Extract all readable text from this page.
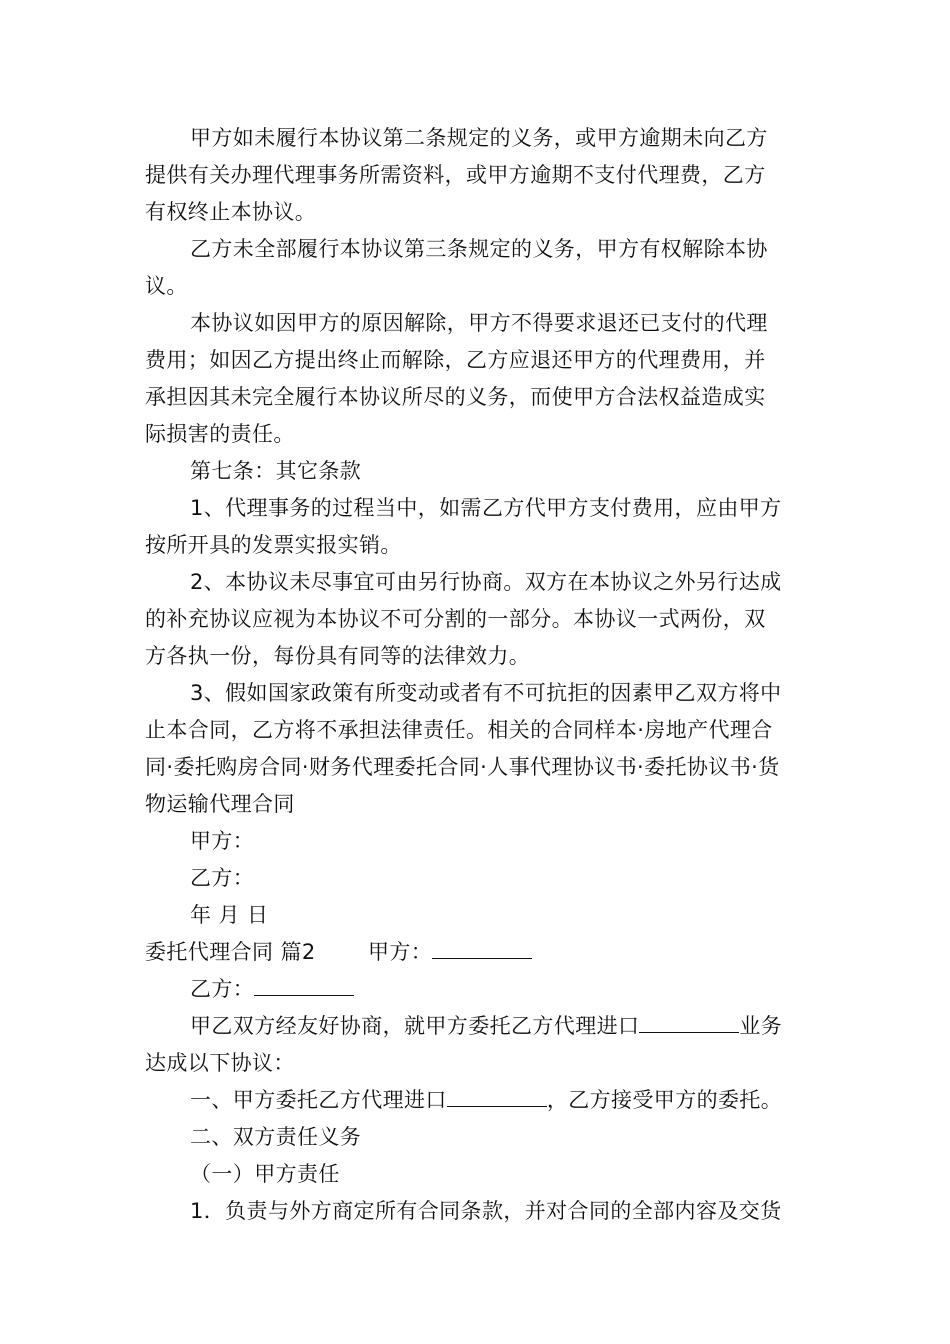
甲方如未履行本协议第二条规定的义务，或甲方逾期未向乙方
提供有关办理代理事务所需资料，或甲方逾期不支付代理费，乙方
有权终止本协议。
乙方未全部履行本协议第三条规定的义务，甲方有权解除本协
议。
本协议如因甲方的原因解除，甲方不得要求退还已支付的代理
费用；如因乙方提出终止而解除，乙方应退还甲方的代理费用，并
承担因其未完全履行本协议所尽的义务，而使甲方合法权益造成实
际损害的责任。
第七条：其它条款
1、代理事务的过程当中，如需乙方代甲方支付费用，应由甲方
按所开具的发票实报实销。
2、本协议未尽事宜可由另行协商。双方在本协议之外另行达成
的补充协议应视为本协议不可分割的一部分。本协议一式两份，双
方各执一份，每份具有同等的法律效力。
3、假如国家政策有所变动或者有不可抗拒的因素甲乙双方将中
止本合同，乙方将不承担法律责任。相关的合同样本·房地产代理合
同·委托购房合同·财务代理委托合同·人事代理协议书·委托协议书·货
物运输代理合同
甲方：
乙方：
年 月 日
委托代理合同 篇2 甲方：
乙方：
甲乙双方经友好协商，就甲方委托乙方代理进口	业务
达成以下协议：
一、甲方委托乙方代理进口	，乙方接受甲方的委托。
二、双方责任义务
（一）甲方责任
1．负责与外方商定所有合同条款，并对合同的全部内容及交货
